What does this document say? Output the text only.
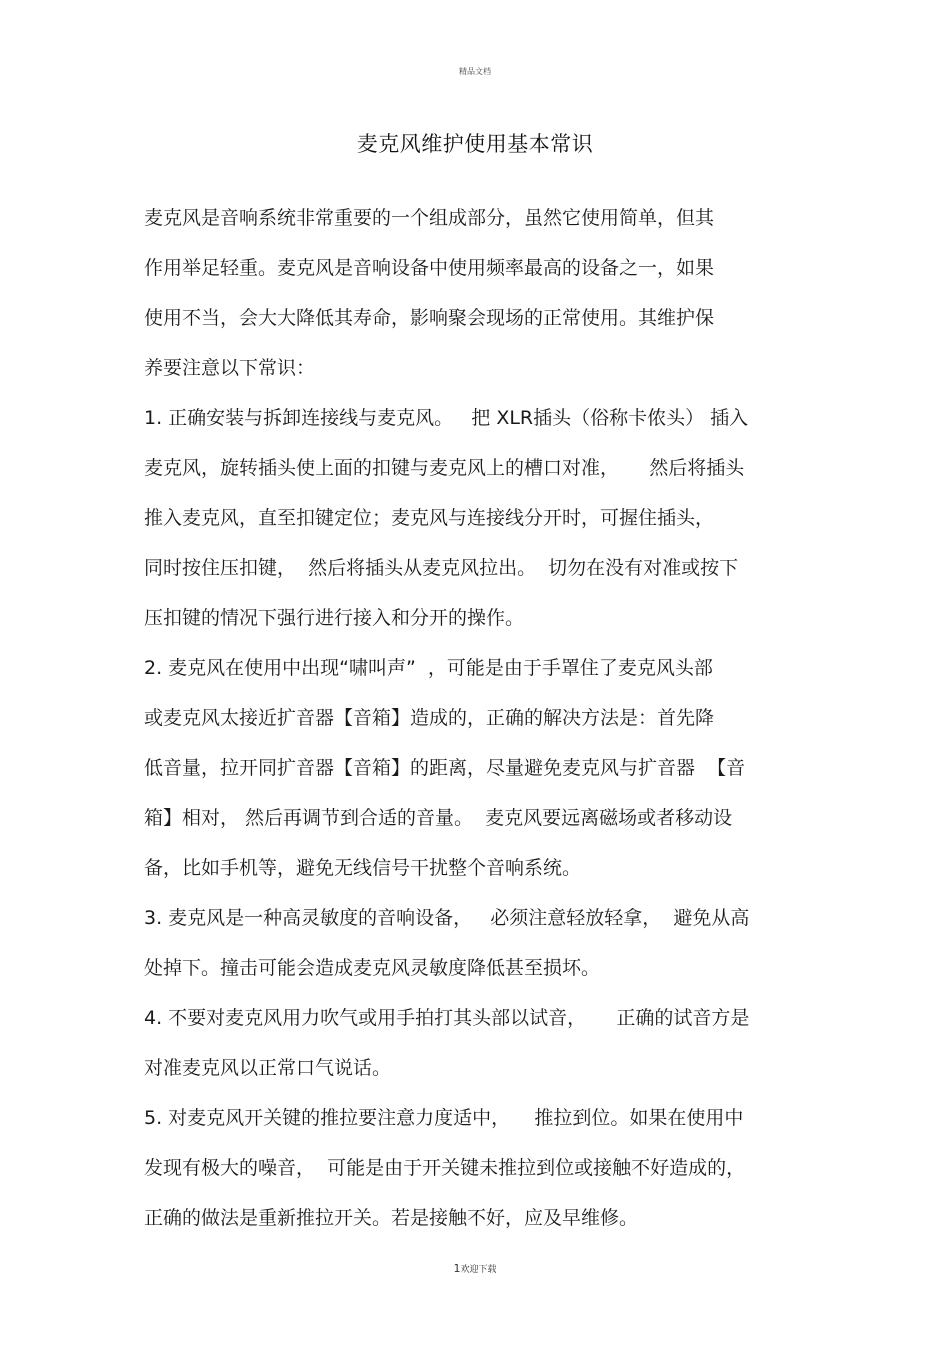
精品文档
麦克风维护使用基本常识
麦克风是音响系统非常重要的一个组成部分，虽然它使用简单，但其
作用举足轻重。麦克风是音响设备中使用频率最高的设备之一，如果
使用不当，会大大降低其寿命，影响聚会现场的正常使用。其维护保
养要注意以下常识：
1. 正确安装与拆卸连接线与麦克风。   把 XLR插头（俗称卡侬头） 插入
麦克风，旋转插头使上面的扣键与麦克风上的槽口对准，     然后将插头
推入麦克风，直至扣键定位；麦克风与连接线分开时，可握住插头，
同时按住压扣键，  然后将插头从麦克风拉出。  切勿在没有对准或按下
压扣键的情况下强行进行接入和分开的操作。
2. 麦克风在使用中出现“啸叫声”  ，可能是由于手罩住了麦克风头部
或麦克风太接近扩音器【音箱】造成的，正确的解决方法是：首先降
低音量，拉开同扩音器【音箱】的距离，尽量避免麦克风与扩音器  【音
箱】相对， 然后再调节到合适的音量。  麦克风要远离磁场或者移动设
备，比如手机等，避免无线信号干扰整个音响系统。
3. 麦克风是一种高灵敏度的音响设备，   必须注意轻放轻拿，  避免从高
处掉下。撞击可能会造成麦克风灵敏度降低甚至损坏。
4. 不要对麦克风用力吹气或用手拍打其头部以试音，     正确的试音方是
对准麦克风以正常口气说话。
5. 对麦克风开关键的推拉要注意力度适中，    推拉到位。如果在使用中
发现有极大的噪音，  可能是由于开关键未推拉到位或接触不好造成的，
正确的做法是重新推拉开关。若是接触不好，应及早维修。
1欢迎下载
